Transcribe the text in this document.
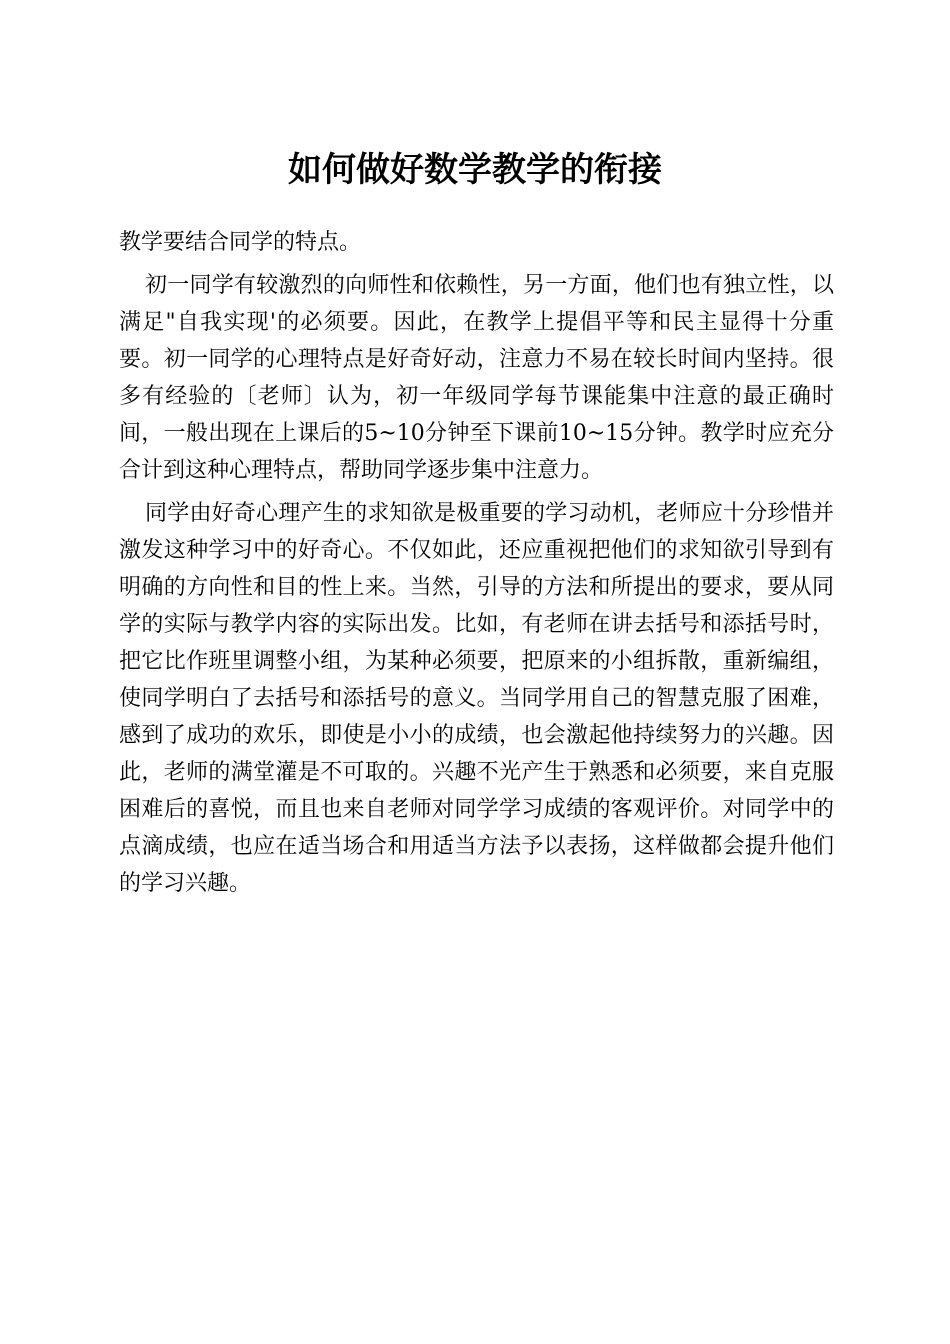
如何做好数学教学的衔接

教学要结合同学的特点。

初一同学有较激烈的向师性和依赖性，另一方面，他们也有独立性，以满足"自我实现'的必须要。因此，在教学上提倡平等和民主显得十分重要。初一同学的心理特点是好奇好动，注意力不易在较长时间内坚持。很多有经验的〔老师〕认为，初一年级同学每节课能集中注意的最正确时间，一般出现在上课后的5~10分钟至下课前10~15分钟。教学时应充分合计到这种心理特点，帮助同学逐步集中注意力。

同学由好奇心理产生的求知欲是极重要的学习动机，老师应十分珍惜并激发这种学习中的好奇心。不仅如此，还应重视把他们的求知欲引导到有明确的方向性和目的性上来。当然，引导的方法和所提出的要求，要从同学的实际与教学内容的实际出发。比如，有老师在讲去括号和添括号时，把它比作班里调整小组，为某种必须要，把原来的小组拆散，重新编组，使同学明白了去括号和添括号的意义。当同学用自己的智慧克服了困难，感到了成功的欢乐，即使是小小的成绩，也会激起他持续努力的兴趣。因此，老师的满堂灌是不可取的。兴趣不光产生于熟悉和必须要，来自克服困难后的喜悦，而且也来自老师对同学学习成绩的客观评价。对同学中的点滴成绩，也应在适当场合和用适当方法予以表扬，这样做都会提升他们的学习兴趣。
